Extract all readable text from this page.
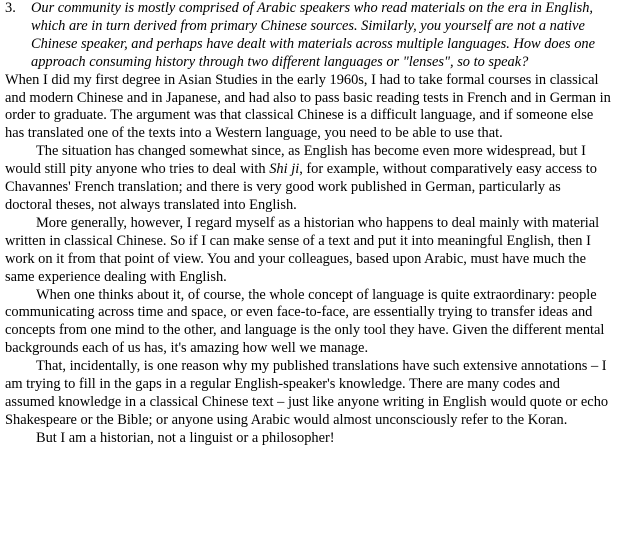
3.	Our community is mostly comprised of Arabic speakers who read materials on the era in English, which are in turn derived from primary Chinese sources. Similarly, you yourself are not a native Chinese speaker, and perhaps have dealt with materials across multiple languages. How does one approach consuming history through two different languages or "lenses", so to speak?

When I did my first degree in Asian Studies in the early 1960s, I had to take formal courses in classical and modern Chinese and in Japanese, and had also to pass basic reading tests in French and in German in order to graduate. The argument was that classical Chinese is a difficult language, and if someone else has translated one of the texts into a Western language, you need to be able to use that.

The situation has changed somewhat since, as English has become even more widespread, but I would still pity anyone who tries to deal with Shi ji, for example, without comparatively easy access to Chavannes' French translation; and there is very good work published in German, particularly as doctoral theses, not always translated into English.

More generally, however, I regard myself as a historian who happens to deal mainly with material written in classical Chinese. So if I can make sense of a text and put it into meaningful English, then I work on it from that point of view. You and your colleagues, based upon Arabic, must have much the same experience dealing with English.

When one thinks about it, of course, the whole concept of language is quite extraordinary: people communicating across time and space, or even face-to-face, are essentially trying to transfer ideas and concepts from one mind to the other, and language is the only tool they have. Given the different mental backgrounds each of us has, it's amazing how well we manage.

That, incidentally, is one reason why my published translations have such extensive annotations – I am trying to fill in the gaps in a regular English-speaker's knowledge. There are many codes and assumed knowledge in a classical Chinese text – just like anyone writing in English would quote or echo Shakespeare or the Bible; or anyone using Arabic would almost unconsciously refer to the Koran.

But I am a historian, not a linguist or a philosopher!
